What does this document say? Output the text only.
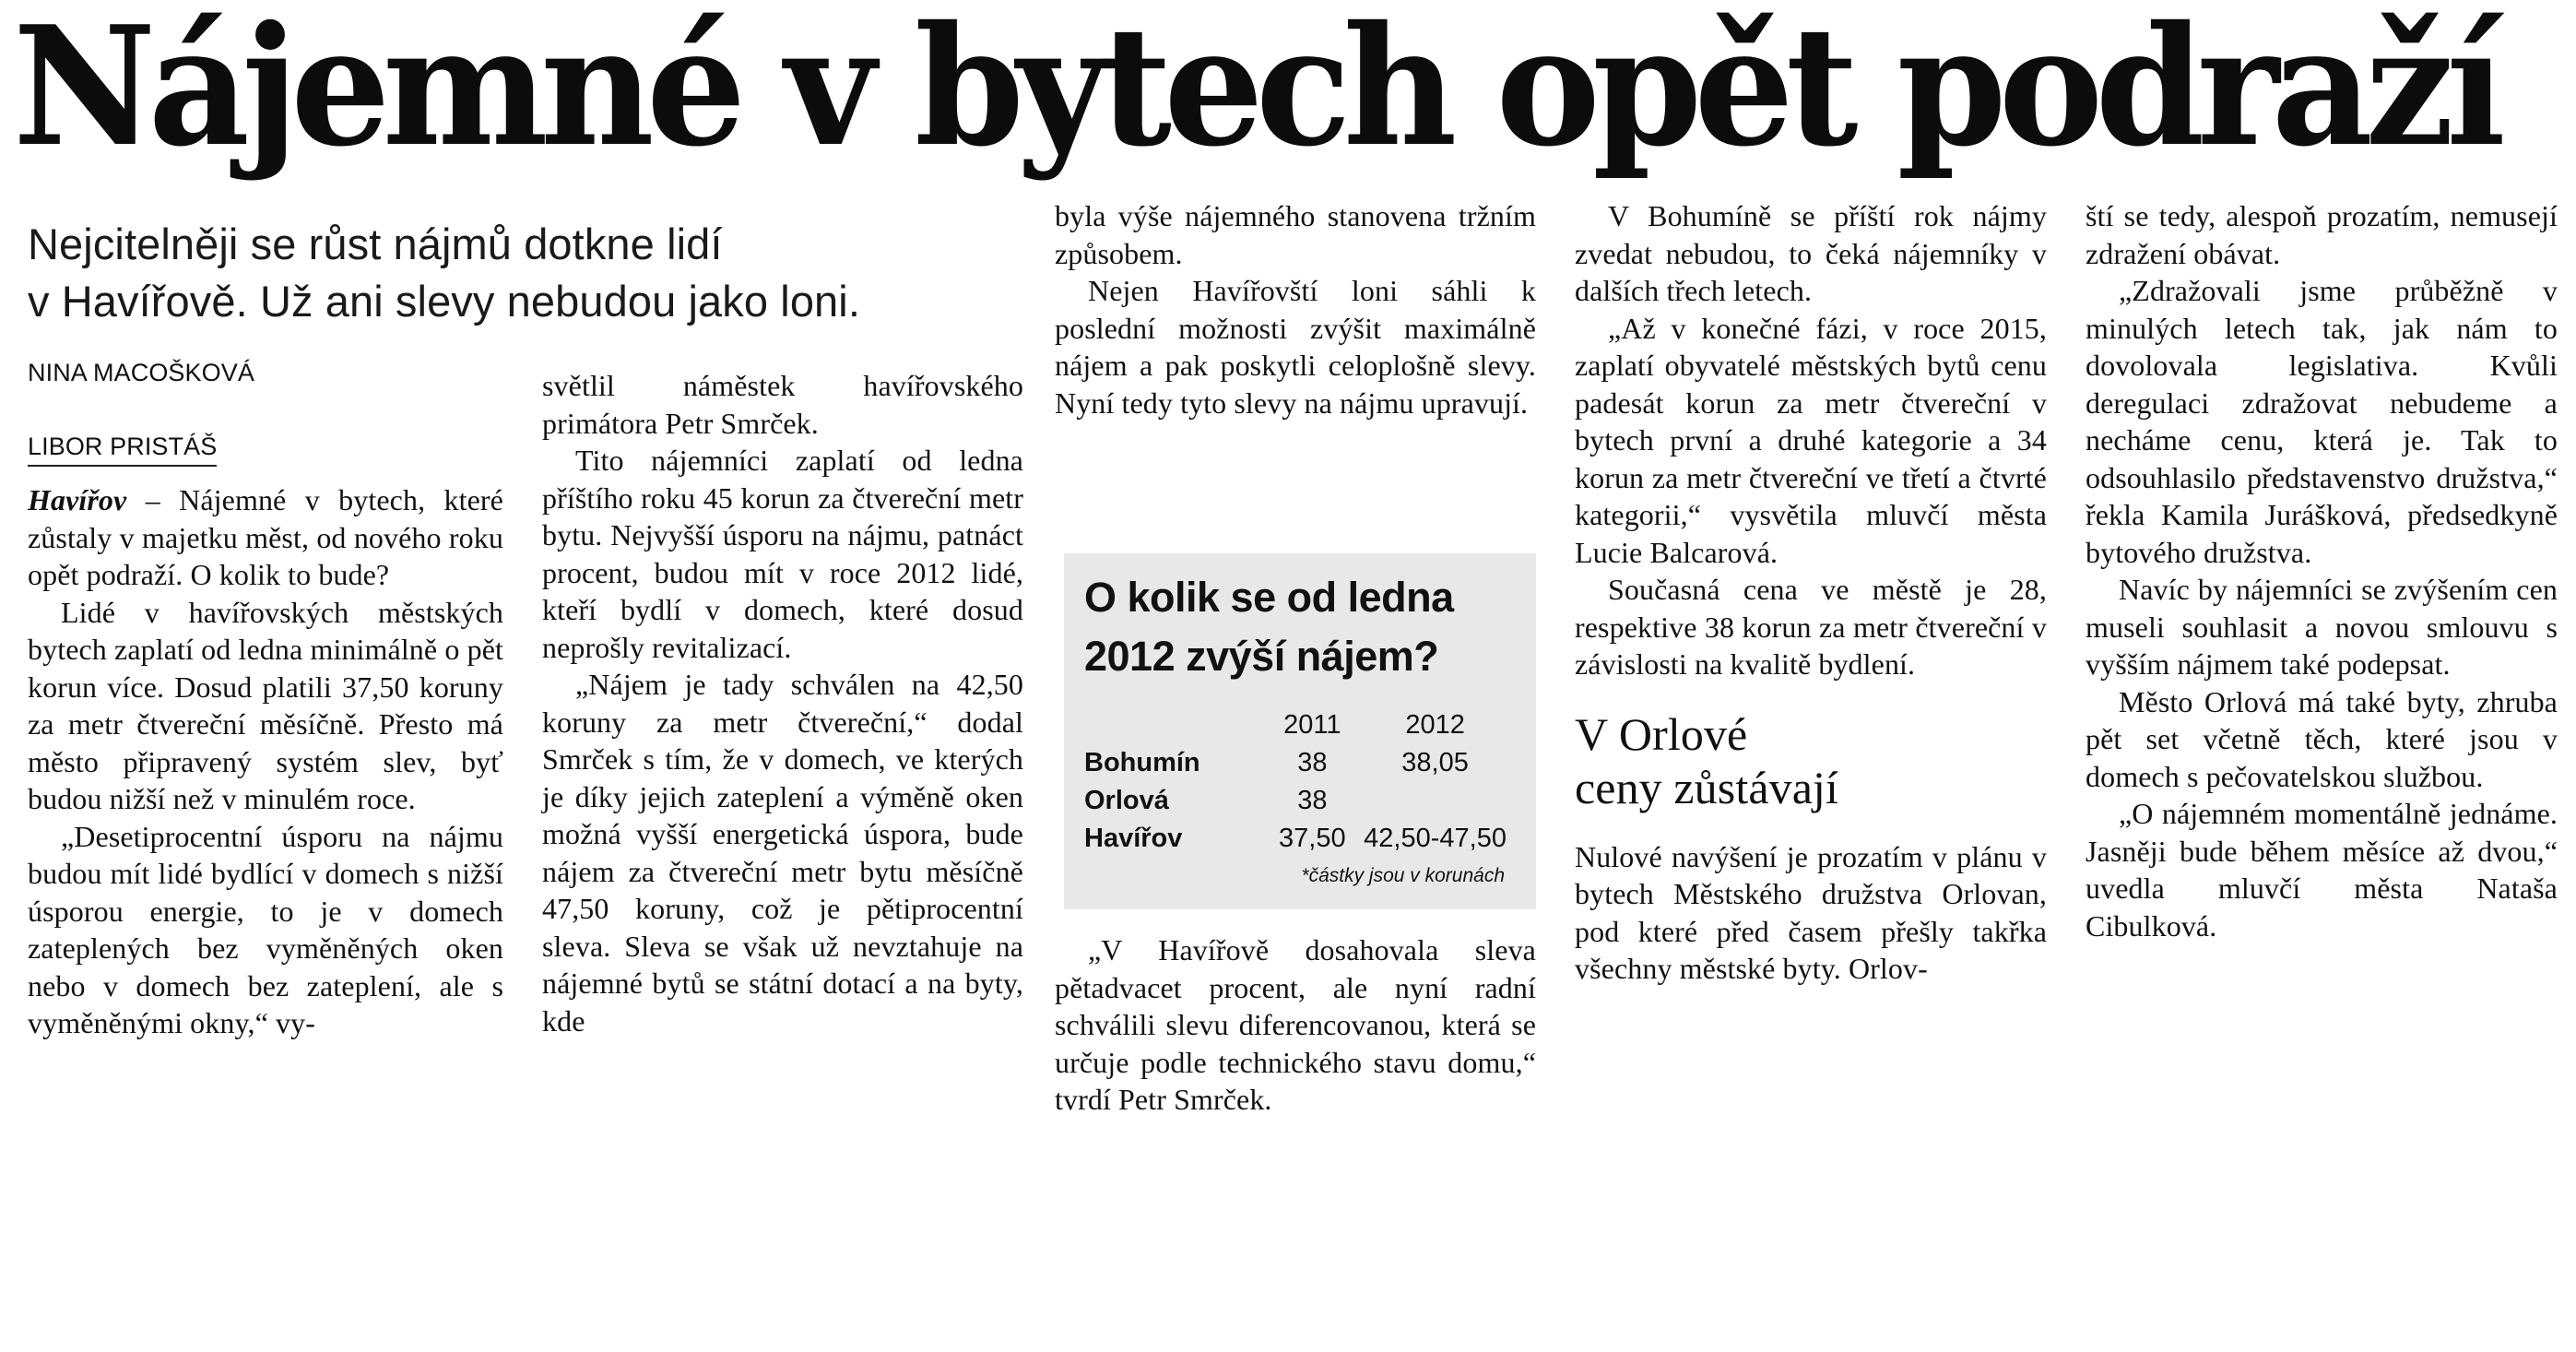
Nájemné v bytech opět podraží
Nejcitelněji se růst nájmů dotkne lidí
v Havířově. Už ani slevy nebudou jako loni.
NINA MACOŠKOVÁ

LIBOR PRISTÁŠ

Havířov – Nájemné v bytech, které zůstaly v majetku měst, od nového roku opět podraží. O kolik to bude?

Lidé v havířovských městských bytech zaplatí od ledna minimálně o pět korun více. Dosud platili 37,50 koruny za metr čtvereční měsíčně. Přesto má město připravený systém slev, byť budou nižší než v minulém roce.

„Desetiprocentní úsporu na nájmu budou mít lidé bydlící v domech s nižší úsporou energie, to je v domech zateplených bez vyměněných oken nebo v domech bez zateplení, ale s vyměněnými okny,“ vy-

světlil náměstek havířovského primátora Petr Smrček.

Tito nájemníci zaplatí od ledna příštího roku 45 korun za čtvereční metr bytu. Nejvyšší úsporu na nájmu, patnáct procent, budou mít v roce 2012 lidé, kteří bydlí v domech, které dosud neprošly revitalizací.

„Nájem je tady schválen na 42,50 koruny za metr čtvereční,“ dodal Smrček s tím, že v domech, ve kterých je díky jejich zateplení a výměně oken možná vyšší energetická úspora, bude nájem za čtvereční metr bytu měsíčně 47,50 koruny, což je pětiprocentní sleva. Sleva se však už nevztahuje na nájemné bytů se státní dotací a na byty, kde

byla výše nájemného stanovena tržním způsobem.

Nejen Havířovští loni sáhli k poslední možnosti zvýšit maximálně nájem a pak poskytli celoplošně slevy. Nyní tedy tyto slevy na nájmu upravují.

O kolik se od ledna
2012 zvýší nájem?
	2011	2012
Bohumín	38	38,05
Orlová	38	
Havířov	37,50	42,50-47,50
*částky jsou v korunách

„V Havířově dosahovala sleva pětadvacet procent, ale nyní radní schválili slevu diferencovanou, která se určuje podle technického stavu domu,“ tvrdí Petr Smrček.

V Bohumíně se příští rok nájmy zvedat nebudou, to čeká nájemníky v dalších třech letech.

„Až v konečné fázi, v roce 2015, zaplatí obyvatelé městských bytů cenu padesát korun za metr čtvereční v bytech první a druhé kategorie a 34 korun za metr čtvereční ve třetí a čtvrté kategorii,“ vysvětila mluvčí města Lucie Balcarová.

Současná cena ve městě je 28, respektive 38 korun za metr čtvereční v závislosti na kvalitě bydlení.

V Orlové
ceny zůstávají

Nulové navýšení je prozatím v plánu v bytech Městského družstva Orlovan, pod které před časem přešly takřka všechny městské byty. Orlov-

ští se tedy, alespoň prozatím, nemusejí zdražení obávat.

„Zdražovali jsme průběžně v minulých letech tak, jak nám to dovolovala legislativa. Kvůli deregulaci zdražovat nebudeme a necháme cenu, která je. Tak to odsouhlasilo představenstvo družstva,“ řekla Kamila Jurášková, předsedkyně bytového družstva.

Navíc by nájemníci se zvýšením cen museli souhlasit a novou smlouvu s vyšším nájmem také podepsat.

Město Orlová má také byty, zhruba pět set včetně těch, které jsou v domech s pečovatelskou službou.

„O nájemném momentálně jednáme. Jasněji bude během měsíce až dvou,“ uvedla mluvčí města Nataša Cibulková.
